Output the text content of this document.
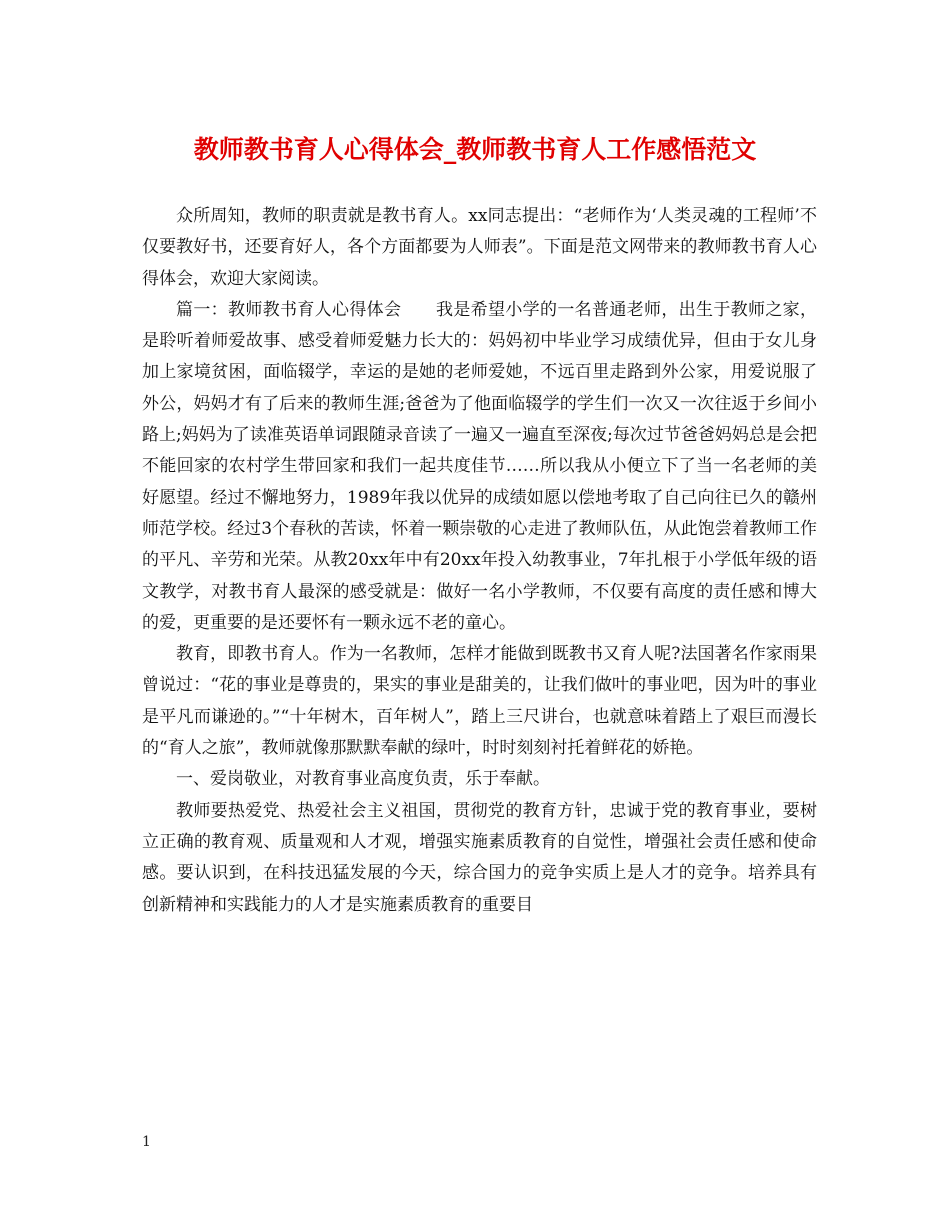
教师教书育人心得体会_教师教书育人工作感悟范文

众所周知，教师的职责就是教书育人。xx同志提出：“老师作为‘人类灵魂的工程师’不仅要教好书，还要育好人，各个方面都要为人师表”。下面是范文网带来的教师教书育人心得体会，欢迎大家阅读。

篇一：教师教书育人心得体会　　我是希望小学的一名普通老师，出生于教师之家，是聆听着师爱故事、感受着师爱魅力长大的：妈妈初中毕业学习成绩优异，但由于女儿身加上家境贫困，面临辍学，幸运的是她的老师爱她，不远百里走路到外公家，用爱说服了外公，妈妈才有了后来的教师生涯;爸爸为了他面临辍学的学生们一次又一次往返于乡间小路上;妈妈为了读准英语单词跟随录音读了一遍又一遍直至深夜;每次过节爸爸妈妈总是会把不能回家的农村学生带回家和我们一起共度佳节……所以我从小便立下了当一名老师的美好愿望。经过不懈地努力，1989年我以优异的成绩如愿以偿地考取了自己向往已久的赣州师范学校。经过3个春秋的苦读，怀着一颗崇敬的心走进了教师队伍，从此饱尝着教师工作的平凡、辛劳和光荣。从教20xx年中有20xx年投入幼教事业，7年扎根于小学低年级的语文教学，对教书育人最深的感受就是：做好一名小学教师，不仅要有高度的责任感和博大的爱，更重要的是还要怀有一颗永远不老的童心。

教育，即教书育人。作为一名教师，怎样才能做到既教书又育人呢?法国著名作家雨果曾说过：“花的事业是尊贵的，果实的事业是甜美的，让我们做叶的事业吧，因为叶的事业是平凡而谦逊的。”“十年树木，百年树人”，踏上三尺讲台，也就意味着踏上了艰巨而漫长的“育人之旅”，教师就像那默默奉献的绿叶，时时刻刻衬托着鲜花的娇艳。

一、爱岗敬业，对教育事业高度负责，乐于奉献。

教师要热爱党、热爱社会主义祖国，贯彻党的教育方针，忠诚于党的教育事业，要树立正确的教育观、质量观和人才观，增强实施素质教育的自觉性，增强社会责任感和使命感。要认识到，在科技迅猛发展的今天，综合国力的竞争实质上是人才的竞争。培养具有创新精神和实践能力的人才是实施素质教育的重要目

1
